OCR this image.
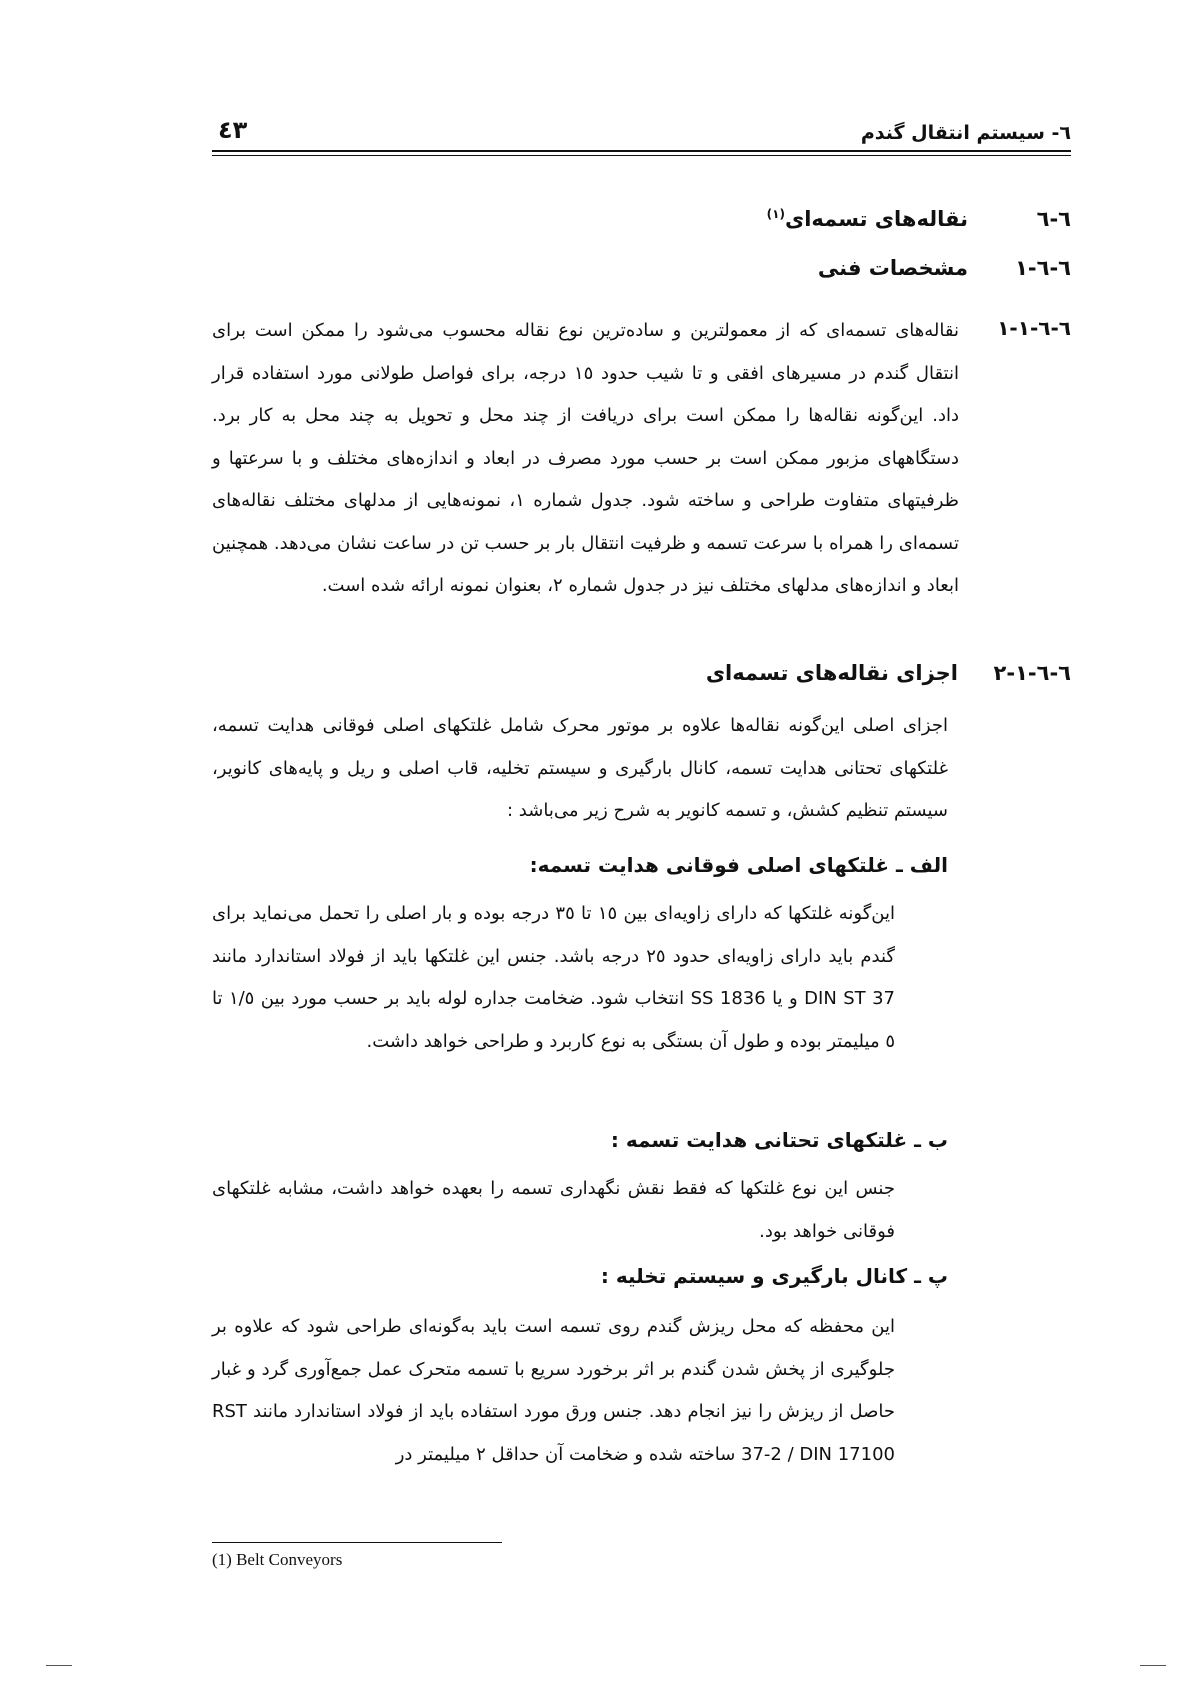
٦- سیستم انتقال گندم
٤٣
٦-٦
نقاله‌های تسمه‌ای$^{(١)}$
٦-٦-١
مشخصات فنی
٦-٦-١-١
نقاله‌های تسمه‌ای که از معمولترین و ساده‌ترین نوع نقاله محسوب می‌شود را ممکن است برای انتقال گندم در مسیرهای افقی و تا شیب حدود ١٥ درجه، برای فواصل طولانی مورد استفاده قرار داد. این‌گونه نقاله‌ها را ممکن است برای دریافت از چند محل و تحویل به چند محل به کار برد. دستگاههای مزبور ممکن است بر حسب مورد مصرف در ابعاد و اندازه‌های مختلف و با سرعتها و ظرفیتهای متفاوت طراحی و ساخته شود. جدول شماره ١، نمونه‌هایی از مدلهای مختلف نقاله‌های تسمه‌ای را همراه با سرعت تسمه و ظرفیت انتقال بار بر حسب تن در ساعت نشان می‌دهد. همچنین ابعاد و اندازه‌های مدلهای مختلف نیز در جدول شماره ٢، بعنوان نمونه ارائه شده است.
٦-٦-١-٢
اجزای نقاله‌های تسمه‌ای
اجزای اصلی این‌گونه نقاله‌ها علاوه بر موتور محرک شامل غلتکهای اصلی فوقانی هدایت تسمه، غلتکهای تحتانی هدایت تسمه، کانال بارگیری و سیستم تخلیه، قاب اصلی و ریل و پایه‌های کانویر، سیستم تنظیم کشش، و تسمه کانویر به شرح زیر می‌باشد :
الف ـ غلتکهای اصلی فوقانی هدایت تسمه:
این‌گونه غلتکها که دارای زاویه‌ای بین ١٥ تا ٣٥ درجه بوده و بار اصلی را تحمل می‌نماید برای گندم باید دارای زاویه‌ای حدود ٢٥ درجه باشد. جنس این غلتکها باید از فولاد استاندارد مانند DIN ST 37 و یا SS 1836 انتخاب شود. ضخامت جداره لوله باید بر حسب مورد بین ١/٥ تا ٥ میلیمتر بوده و طول آن بستگی به نوع کاربرد و طراحی خواهد داشت.
ب ـ غلتکهای تحتانی هدایت تسمه :
جنس این نوع غلتکها که فقط نقش نگهداری تسمه را بعهده خواهد داشت، مشابه غلتکهای فوقانی خواهد بود.
پ ـ کانال بارگیری و سیستم تخلیه :
این محفظه که محل ریزش گندم روی تسمه است باید به‌گونه‌ای طراحی شود که علاوه بر جلوگیری از پخش شدن گندم بر اثر برخورد سریع با تسمه متحرک عمل جمع‌آوری گرد و غبار حاصل از ریزش را نیز انجام دهد. جنس ورق مورد استفاده باید از فولاد استاندارد مانند RST 37-2 / DIN 17100 ساخته شده و ضخامت آن حداقل ٢ میلیمتر در
(1) Belt Conveyors
